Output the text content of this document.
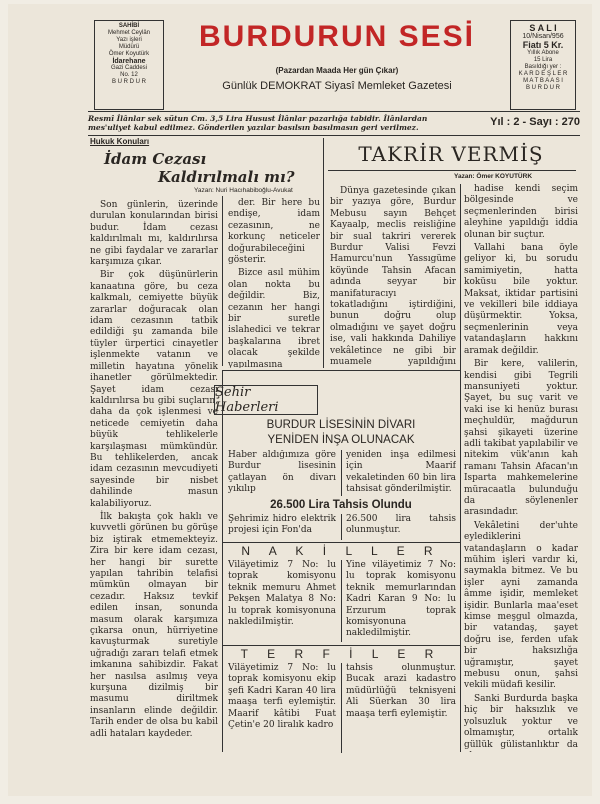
SAHİBİ
Mehmet Ceylân
Yazı işleri
Müdürü
Ömer Koyutürk
İdarehane
Gazi Caddesi
No. 12
B U R D U R
BURDURUN SESİ
(Pazardan Maada Her gün Çıkar)
Günlük DEMOKRAT Siyasî Memleket Gazetesi
S A L I
10/Nisan/956
Fiatı 5 Kr.
Yıllık Abone
15 Lira
Basıldığı yer :
K A R D E Ş L E R
M A T B A A S I
B U R D U R
Resmî İlânlar sek sütun Cm. 3,5 Lira Husust İlânlar pazarlığa tabidir. İlânlardan mes'uliyet kabul edilmez. Gönderilen yazılar basılsın basılmasın geri verilmez.	Yıl : 2 - Sayı : 270
Hukuk Konuları
İdam Cezası
Kaldırılmalı mı?
Yazan: Nuri Hacıhabiboğlu-Avukat

Son günlerin, üzerinde durulan konularından birisi budur. İdam cezası kaldırılmalı mı, kaldırılırsa ne gibi faydalar ve zararlar karşımıza çıkar.

Bir çok düşünürlerin kanaatına göre, bu ceza kalkmalı, cemiyette büyük zararlar doğuracak olan idam cezasının tatbik edildiği şu zamanda bile tüyler ürpertici cinayetler işlenmekte vatanın ve milletin hayatına yönelik ihanetler görülmektedir. Şayet idam cezası kaldırılırsa bu gibi suçların, daha da çok işlenmesi ve neticede cemiyetin daha büyük tehlikelerle karşılaşması mümkündür. Bu tehlikelerden, ancak idam cezasının mevcudiyeti sayesinde bir nisbet dahilinde masun kalabiliyoruz.

İlk bakışta çok haklı ve kuvvetli görünen bu görüşe biz iştirak etmemekteyiz. Zira bir kere idam cezası, her hangi bir surette yapılan tahribin telafisi mümkün olmayan bir cezadır. Haksız tevkif edilen insan, sonunda masum olarak karşımıza çıkarsa onun, hürriyetine kavuşturmak suretiyle uğradığı zararı telafi etmek imkanına sahibizdir. Fakat her nasılsa asılmış veya kurşuna dizilmiş bir masumu diriltmek insanların elinde değildir. Tarih ender de olsa bu kabil adli hataları kaydeder.

der. Bir here bu endişe, idam cezasının, ne korkunç neticeler doğurabileceğini gösterir.

Bizce asıl mühim olan nokta bu değildir. Biz, cezanın her hangi bir suretle islahedici ve tekrar başkalarına ibret olacak şekilde yapılmasına

TAKRİR VERMİŞ
Yazan: Ömer KOYUTÜRK

Dünya gazetesinde çıkan bir yazıya göre, Burdur Mebusu sayın Behçet Kayaalp, meclis reisliğine bir sual takriri vererek Burdur Valisi Fevzi Hamurcu'nun Yassıgüme köyünde Tahsin Afacan adında seyyar bir manifaturacıyı tokatladığını iştirdiğini, bunun doğru olup olmadığını ve şayet doğru ise, vali hakkında Dahiliye vekâletince ne gibi bir muamele yapıldığını

hadise kendi seçim bölgesinde ve seçmenlerinden birisi aleyhine yapıldığı iddia olunan bir suçtur.

Vallahi bana öyle geliyor ki, bu sorudu samimiyetin, hatta koküsu bile yoktur. Maksat, iktidar partisini ve vekilleri bile iddiaya düşürmektir. Yoksa, seçmenlerinin veya vatandaşların hakkını aramak değildir.

Bir kere, valilerin, kendisi gibi Tegrili mansuniyeti yoktur. Şayet, bu suç varit ve vaki ise ki henüz burası meçhuldür, mağdurun şahsi şikayeti üzerine adli takibat yapılabilir ve nitekim vük'anın kah ramanı Tahsin Afacan'ın Isparta mahkemelerine müracaatla bulunduğu da söylenenler arasındadır.

Vekâletini der'uhte eylediklerini vatandaşların o kadar mühim işleri vardır ki, saymakla bitmez. Ve bu işler ayni zamanda âmme işidir, memleket işidir. Bunlarla maa'eset kimse meşgul olmazda, bir vatandaş, şayet doğru ise, ferden ufak bir haksızlığa uğramıştır, şayet mebusu onun, şahsi vekili müdafi kesilir.

Sanki Burdurda başka hiç bir haksızlık ve yolsuzluk yoktur ve olmamıştır, ortalık güllük gülistanlıktır da

Şehir Haberleri
BURDUR LİSESİNİN DİVARI
YENİDEN İNŞA OLUNACAK
Haber aldığımıza göre Burdur lisesinin çatlayan ön divarı yıkılıp
yeniden inşa edilmesi için Maarif vekaletinden 60 bin lira tahsisat gönderilmiştir.
26.500 Lira Tahsis Olundu
Şehrimiz hidro elektrik projesi için Fon'da
26.500 lira tahsis olunmuştur.
N A K İ L L E R
Vilâyetimiz 7 No: lu toprak komisyonu teknik memuru Ahmet Pekşen Malatya 8 No: lu toprak komisyonuna naklediImiştir.
Yine vilâyetimiz 7 No: lu toprak komisyonu teknik memurlarından Kadri Karan 9 No: lu Erzurum toprak komisyonuna nakledilmiştir.
T E R F İ L E R
Vilâyetimiz 7 No: lu toprak komisyonu ekip şefi Kadri Karan 40 lira maaşa terfi eylemiştir. Maarif kâtibi Fuat Çetin'e 20 liralık kadro
tahsis olunmuştur. Bucak arazi kadastro müdürlüğü teknisyeni Ali Süerkan 30 lira maaşa terfi eylemiştir.
